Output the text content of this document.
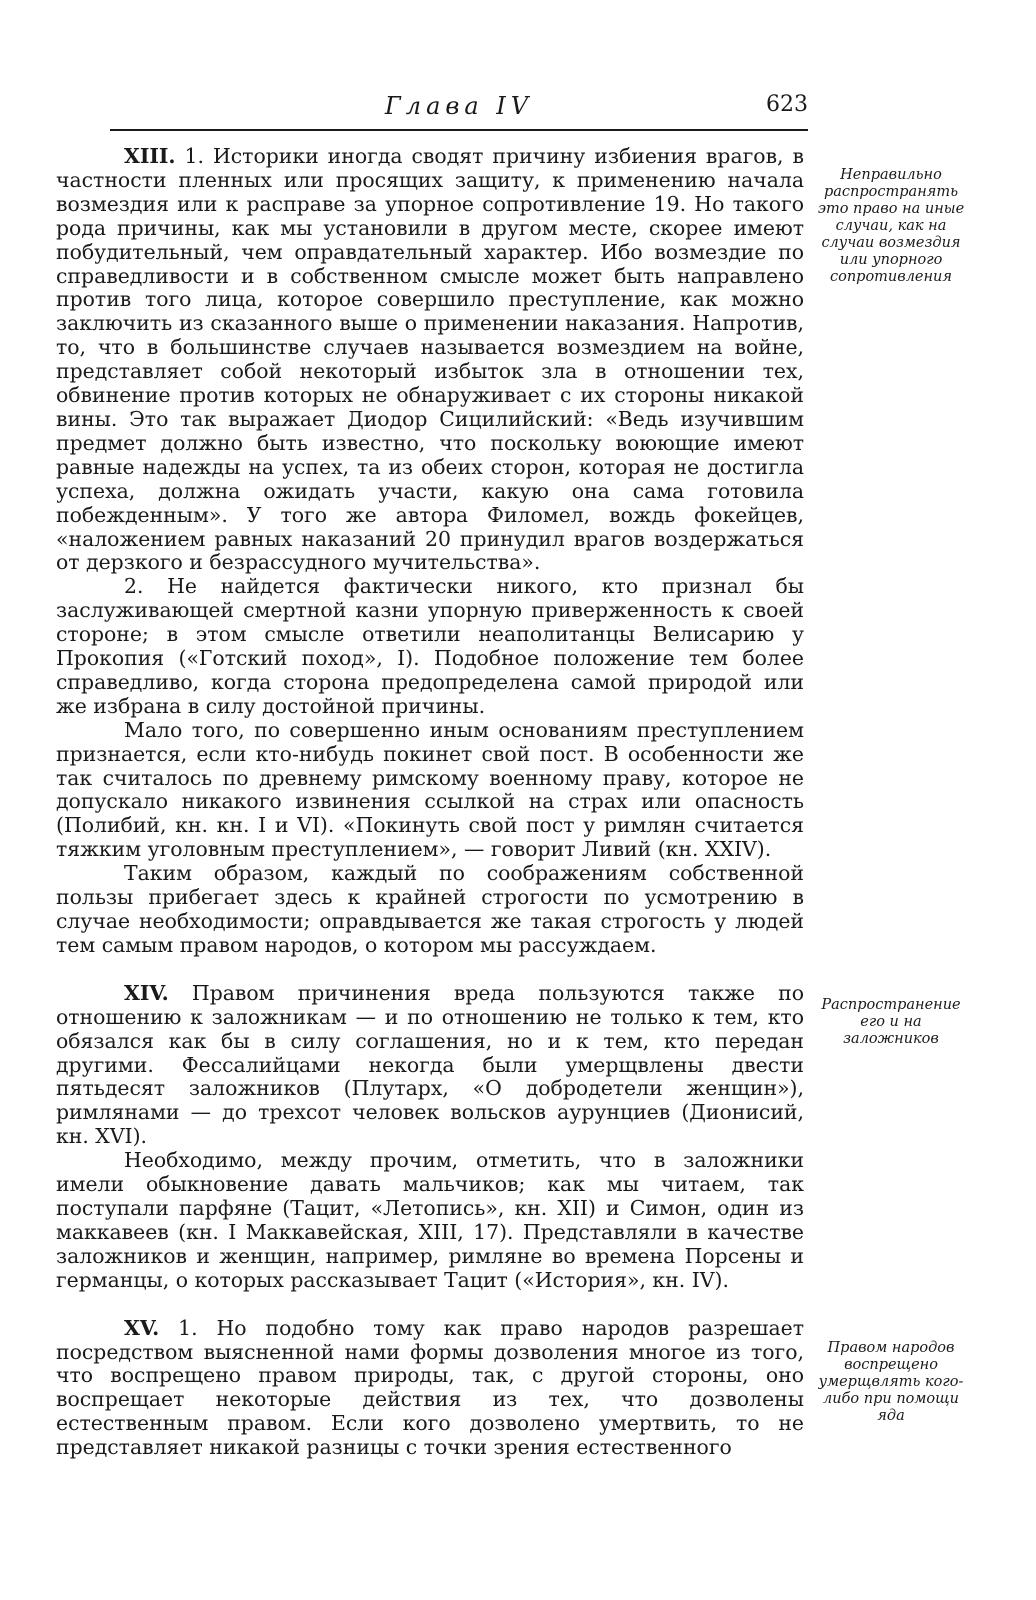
Глава IV	623

XIII. 1. Историки иногда сводят причину избиения врагов, в частности пленных или просящих защиту, к применению начала возмездия или к расправе за упорное сопротивление 19. Но такого рода причины, как мы установили в другом месте, скорее имеют побудительный, чем оправдательный характер. Ибо возмездие по справедливости и в собственном смысле может быть направлено против того лица, которое совершило преступление, как можно заключить из сказанного выше о применении наказания. Напротив, то, что в большинстве случаев называется возмездием на войне, представляет собой некоторый избыток зла в отношении тех, обвинение против которых не обнаруживает с их стороны никакой вины. Это так выражает Диодор Сицилийский: «Ведь изучившим предмет должно быть известно, что поскольку воюющие имеют равные надежды на успех, та из обеих сторон, которая не достигла успеха, должна ожидать участи, какую она сама готовила побежденным». У того же автора Филомел, вождь фокейцев, «наложением равных наказаний 20 принудил врагов воздержаться от дерзкого и безрассудного мучительства».

2. Не найдется фактически никого, кто признал бы заслуживающей смертной казни упорную приверженность к своей стороне; в этом смысле ответили неаполитанцы Велисарию у Прокопия («Готский поход», I). Подобное положение тем более справедливо, когда сторона предопределена самой природой или же избрана в силу достойной причины.

Мало того, по совершенно иным основаниям преступлением признается, если кто-нибудь покинет свой пост. В особенности же так считалось по древнему римскому военному праву, которое не допускало никакого извинения ссылкой на страх или опасность (Полибий, кн. кн. I и VI). «Покинуть свой пост у римлян считается тяжким уголовным преступлением», — говорит Ливий (кн. XXIV).

Таким образом, каждый по соображениям собственной пользы прибегает здесь к крайней строгости по усмотрению в случае необходимости; оправдывается же такая строгость у людей тем самым правом народов, о котором мы рассуждаем.

XIV. Правом причинения вреда пользуются также по отношению к заложникам — и по отношению не только к тем, кто обязался как бы в силу соглашения, но и к тем, кто передан другими. Фессалийцами некогда были умерщвлены двести пятьдесят заложников (Плутарх, «О добродетели женщин»), римлянами — до трехсот человек вольсков аурунциев (Дионисий, кн. XVI).

Необходимо, между прочим, отметить, что в заложники имели обыкновение давать мальчиков; как мы читаем, так поступали парфяне (Тацит, «Летопись», кн. XII) и Симон, один из маккавеев (кн. I Маккавейская, XIII, 17). Представляли в качестве заложников и женщин, например, римляне во времена Порсены и германцы, о которых рассказывает Тацит («История», кн. IV).

XV. 1. Но подобно тому как право народов разрешает посредством выясненной нами формы дозволения многое из того, что воспрещено правом природы, так, с другой стороны, оно воспрещает некоторые действия из тех, что дозволены естественным правом. Если кого дозволено умертвить, то не представляет никакой разницы с точки зрения естественного

Неправильно распространять это право на иные случаи, как на случаи возмездия или упорного сопротивления
Распространение его и на заложников
Правом народов воспрещено умерщвлять кого-либо при помощи яда
